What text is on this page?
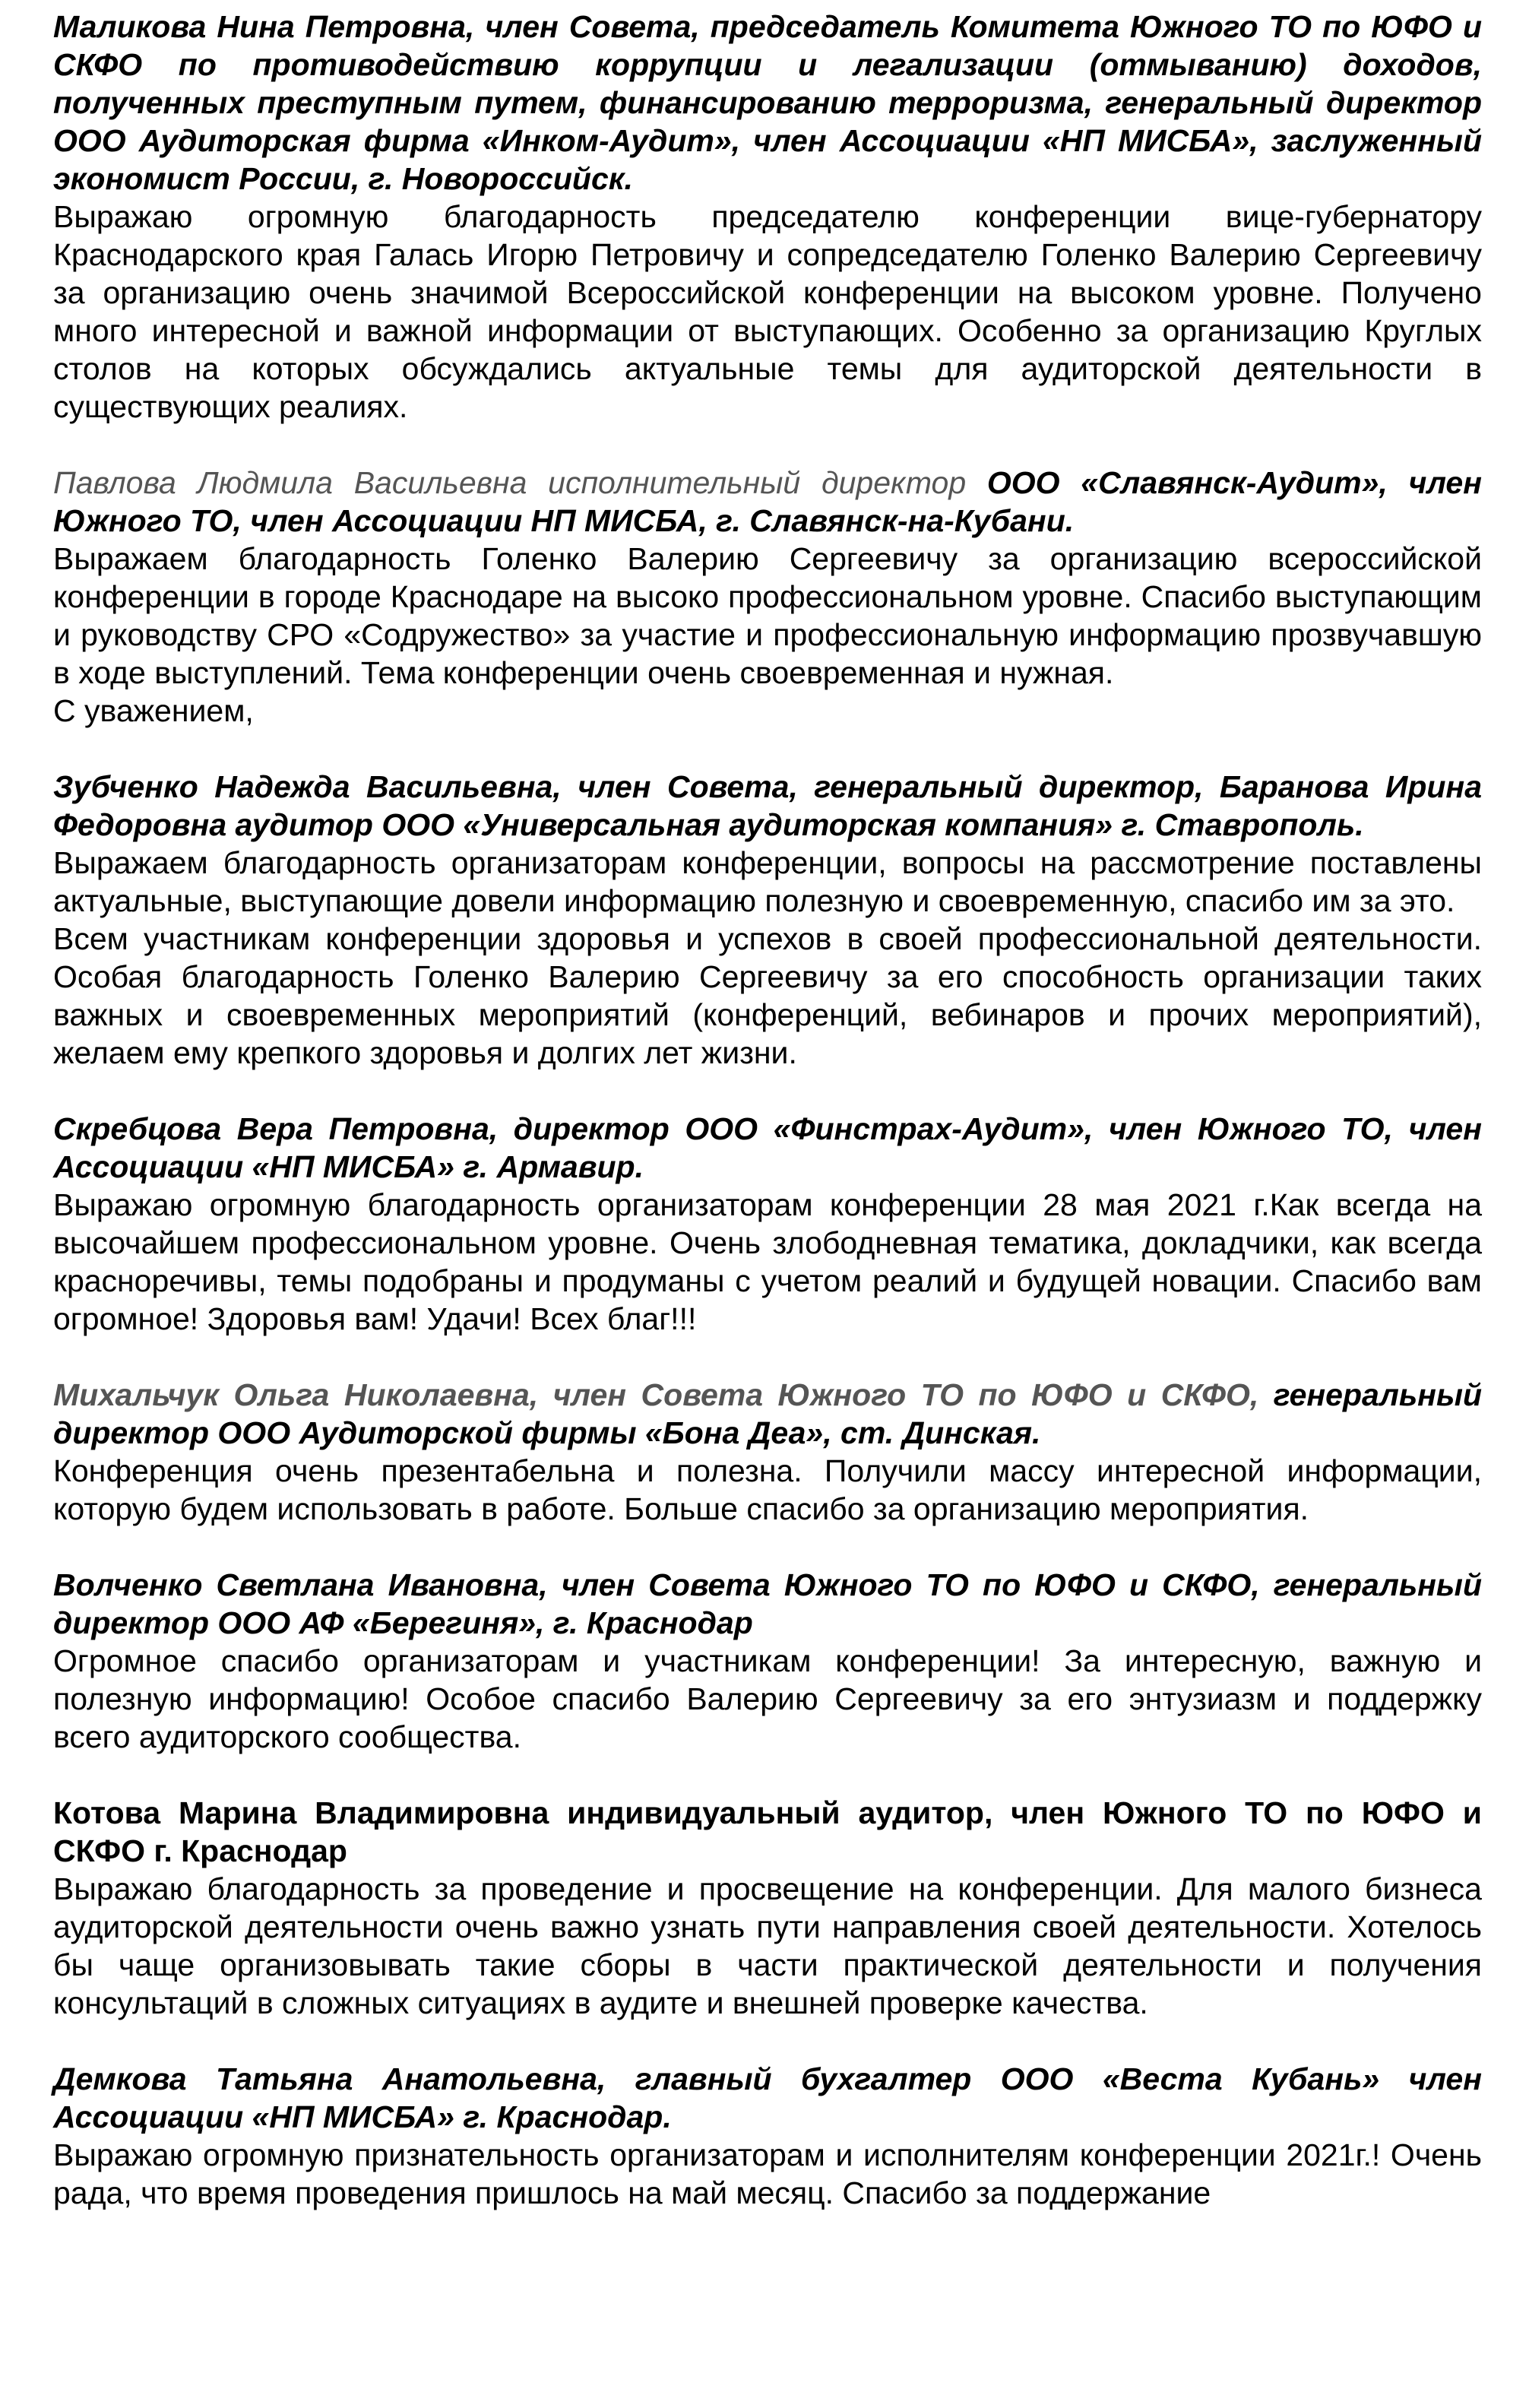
Маликова Нина Петровна, член Совета, председатель Комитета Южного ТО по ЮФО и СКФО по противодействию коррупции и легализации (отмыванию) доходов, полученных преступным путем, финансированию терроризма, генеральный директор ООО Аудиторская фирма «Инком-Аудит», член Ассоциации «НП МИСБА», заслуженный экономист России, г. Новороссийск.

Выражаю огромную благодарность председателю конференции вице-губернатору Краснодарского края Галась Игорю Петровичу и сопредседателю Голенко Валерию Сергеевичу за организацию очень значимой Всероссийской конференции на высоком уровне. Получено много интересной и важной информации от выступающих. Особенно за организацию Круглых столов на которых обсуждались актуальные темы для аудиторской деятельности в существующих реалиях.

Павлова Людмила Васильевна исполнительный директор ООО «Славянск-Аудит», член Южного ТО, член Ассоциации НП МИСБА, г. Славянск-на-Кубани.

Выражаем благодарность Голенко Валерию Сергеевичу за организацию всероссийской конференции в городе Краснодаре на высоко профессиональном уровне. Спасибо выступающим и руководству СРО «Содружество» за участие и профессиональную информацию прозвучавшую в ходе выступлений. Тема конференции очень своевременная и нужная.

С уважением,

Зубченко Надежда Васильевна, член Совета, генеральный директор, Баранова Ирина Федоровна аудитор ООО «Универсальная аудиторская компания» г. Ставрополь.

Выражаем благодарность организаторам конференции, вопросы на рассмотрение поставлены актуальные, выступающие довели информацию полезную и своевременную, спасибо им за это.

Всем участникам конференции здоровья и успехов в своей профессиональной деятельности. Особая благодарность Голенко Валерию Сергеевичу за его способность организации таких важных и своевременных мероприятий (конференций, вебинаров и прочих мероприятий), желаем ему крепкого здоровья и долгих лет жизни.

Скребцова Вера Петровна, директор ООО «Финстрах-Аудит», член Южного ТО, член Ассоциации «НП МИСБА» г. Армавир.

Выражаю огромную благодарность организаторам конференции 28 мая 2021 г.Как всегда на высочайшем профессиональном уровне. Очень злободневная тематика, докладчики, как всегда красноречивы, темы подобраны и продуманы с учетом реалий и будущей новации. Спасибо вам огромное! Здоровья вам! Удачи! Всех благ!!!

Михальчук Ольга Николаевна, член Совета Южного ТО по ЮФО и СКФО, генеральный директор ООО Аудиторской фирмы «Бона Деа», ст. Динская.

Конференция очень презентабельна и полезна. Получили массу интересной информации, которую будем использовать в работе. Больше спасибо за организацию мероприятия.

Волченко Светлана Ивановна, член Совета Южного ТО по ЮФО и СКФО, генеральный директор ООО АФ «Берегиня», г. Краснодар

Огромное спасибо организаторам и участникам конференции! За интересную, важную и полезную информацию! Особое спасибо Валерию Сергеевичу за его энтузиазм и поддержку всего аудиторского сообщества.

Котова Марина Владимировна индивидуальный аудитор, член Южного ТО по ЮФО и СКФО г. Краснодар

Выражаю благодарность за проведение и просвещение на конференции. Для малого бизнеса аудиторской деятельности очень важно узнать пути направления своей деятельности. Хотелось бы чаще организовывать такие сборы в части практической деятельности и получения консультаций в сложных ситуациях в аудите и внешней проверке качества.

Демкова Татьяна Анатольевна, главный бухгалтер ООО «Веста Кубань» член Ассоциации «НП МИСБА» г. Краснодар.

Выражаю огромную признательность организаторам и исполнителям конференции 2021г.! Очень рада, что время проведения пришлось на май месяц. Спасибо за поддержание
